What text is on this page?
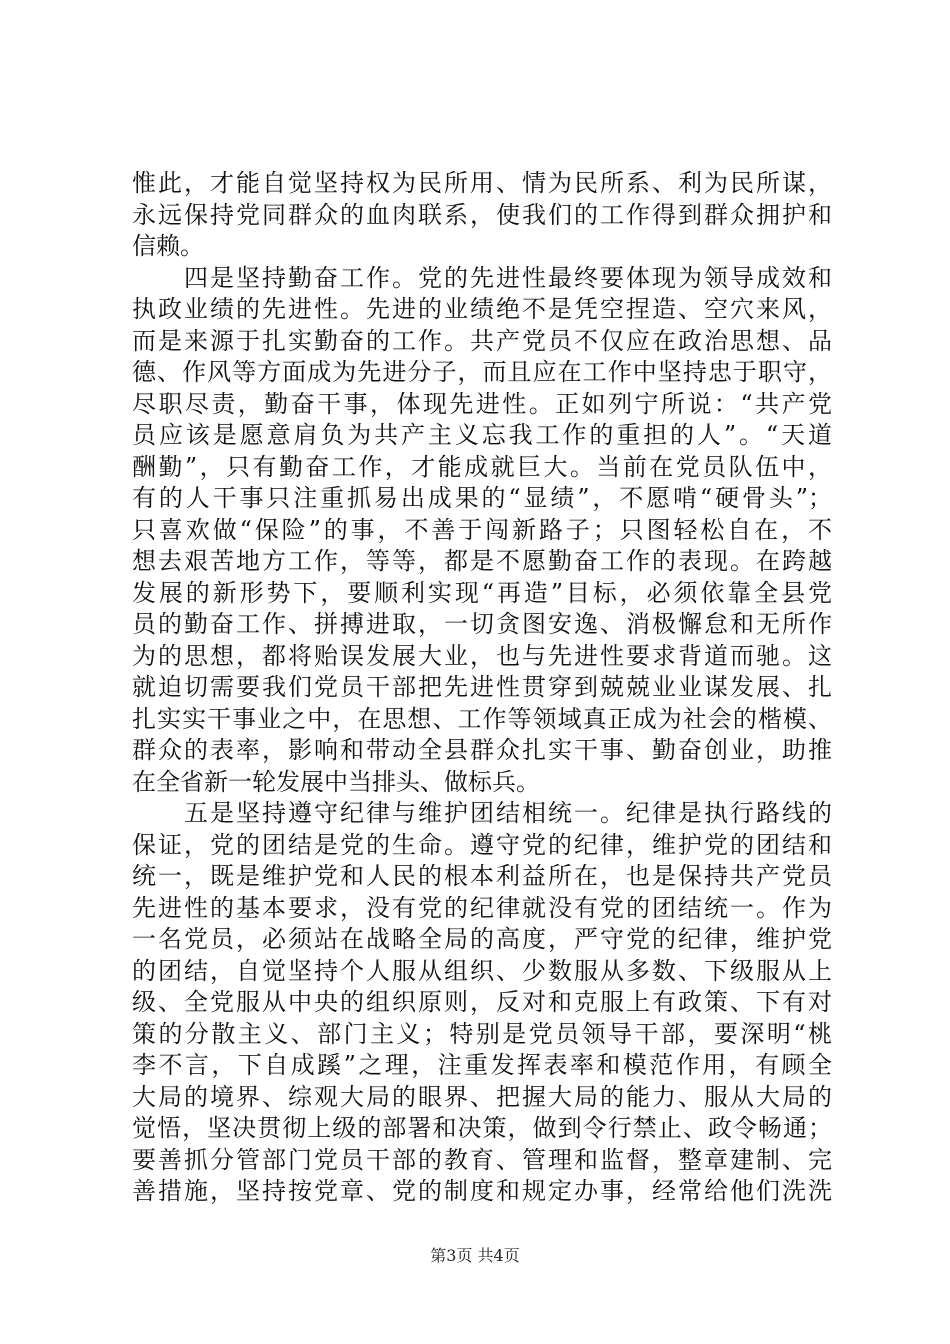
惟此，才能自觉坚持权为民所用、情为民所系、利为民所谋，
永远保持党同群众的血肉联系，使我们的工作得到群众拥护和
信赖。
　　四是坚持勤奋工作。党的先进性最终要体现为领导成效和
执政业绩的先进性。先进的业绩绝不是凭空捏造、空穴来风，
而是来源于扎实勤奋的工作。共产党员不仅应在政治思想、品
德、作风等方面成为先进分子，而且应在工作中坚持忠于职守，
尽职尽责，勤奋干事，体现先进性。正如列宁所说：“共产党
员应该是愿意肩负为共产主义忘我工作的重担的人”。“天道
酬勤”，只有勤奋工作，才能成就巨大。当前在党员队伍中，
有的人干事只注重抓易出成果的“显绩”，不愿啃“硬骨头”；
只喜欢做“保险”的事，不善于闯新路子；只图轻松自在，不
想去艰苦地方工作，等等，都是不愿勤奋工作的表现。在跨越
发展的新形势下，要顺利实现“再造”目标，必须依靠全县党
员的勤奋工作、拼搏进取，一切贪图安逸、消极懈怠和无所作
为的思想，都将贻误发展大业，也与先进性要求背道而驰。这
就迫切需要我们党员干部把先进性贯穿到兢兢业业谋发展、扎
扎实实干事业之中，在思想、工作等领域真正成为社会的楷模、
群众的表率，影响和带动全县群众扎实干事、勤奋创业，助推
在全省新一轮发展中当排头、做标兵。
　　五是坚持遵守纪律与维护团结相统一。纪律是执行路线的
保证，党的团结是党的生命。遵守党的纪律，维护党的团结和
统一，既是维护党和人民的根本利益所在，也是保持共产党员
先进性的基本要求，没有党的纪律就没有党的团结统一。作为
一名党员，必须站在战略全局的高度，严守党的纪律，维护党
的团结，自觉坚持个人服从组织、少数服从多数、下级服从上
级、全党服从中央的组织原则，反对和克服上有政策、下有对
策的分散主义、部门主义；特别是党员领导干部，要深明“桃
李不言，下自成蹊”之理，注重发挥表率和模范作用，有顾全
大局的境界、综观大局的眼界、把握大局的能力、服从大局的
觉悟，坚决贯彻上级的部署和决策，做到令行禁止、政令畅通；
要善抓分管部门党员干部的教育、管理和监督，整章建制、完
善措施，坚持按党章、党的制度和规定办事，经常给他们洗洗
第3页 共4页
